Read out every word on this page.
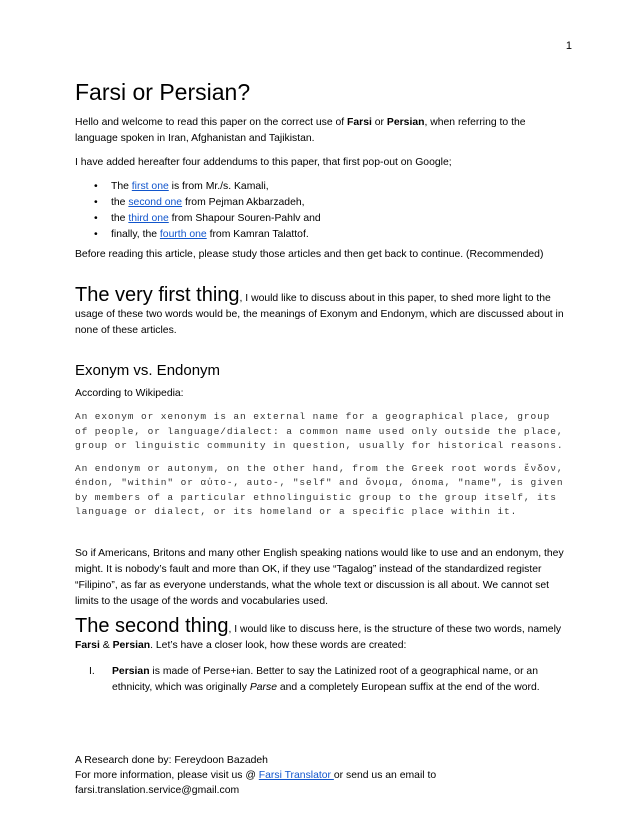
1
Farsi or Persian?

Hello and welcome to read this paper on the correct use of Farsi or Persian, when referring to the language spoken in Iran, Afghanistan and Tajikistan.

I have added hereafter four addendums to this paper, that first pop-out on Google;

• The first one is from Mr./s. Kamali,
• the second one from Pejman Akbarzadeh,
• the third one from Shapour Souren-Pahlv and
• finally, the fourth one from Kamran Talattof.

Before reading this article, please study those articles and then get back to continue. (Recommended)

The very first thing, I would like to discuss about in this paper, to shed more light to the usage of these two words would be, the meanings of Exonym and Endonym, which are discussed about in none of these articles.

Exonym vs. Endonym

According to Wikipedia:

An exonym or xenonym is an external name for a geographical place, group of people, or language/dialect: a common name used only outside the place, group or linguistic community in question, usually for historical reasons.

An endonym or autonym, on the other hand, from the Greek root words ἔνδον, éndon, "within" or αὐτο-, auto-, "self" and ὄνομα, ónoma, "name", is given by members of a particular ethnolinguistic group to the group itself, its language or dialect, or its homeland or a specific place within it.

So if Americans, Britons and many other English speaking nations would like to use and an endonym, they might. It is nobody’s fault and more than OK, if they use “Tagalog” instead of the standardized register “Filipino”, as far as everyone understands, what the whole text or discussion is all about. We cannot set limits to the usage of the words and vocabularies used.

The second thing, I would like to discuss here, is the structure of these two words, namely Farsi & Persian. Let’s have a closer look, how these words are created:

I. Persian is made of Perse+ian. Better to say the Latinized root of a geographical name, or an ethnicity, which was originally Parse and a completely European suffix at the end of the word.
A Research done by: Fereydoon Bazadeh
For more information, please visit us @ Farsi Translator or send us an email to
farsi.translation.service@gmail.com
